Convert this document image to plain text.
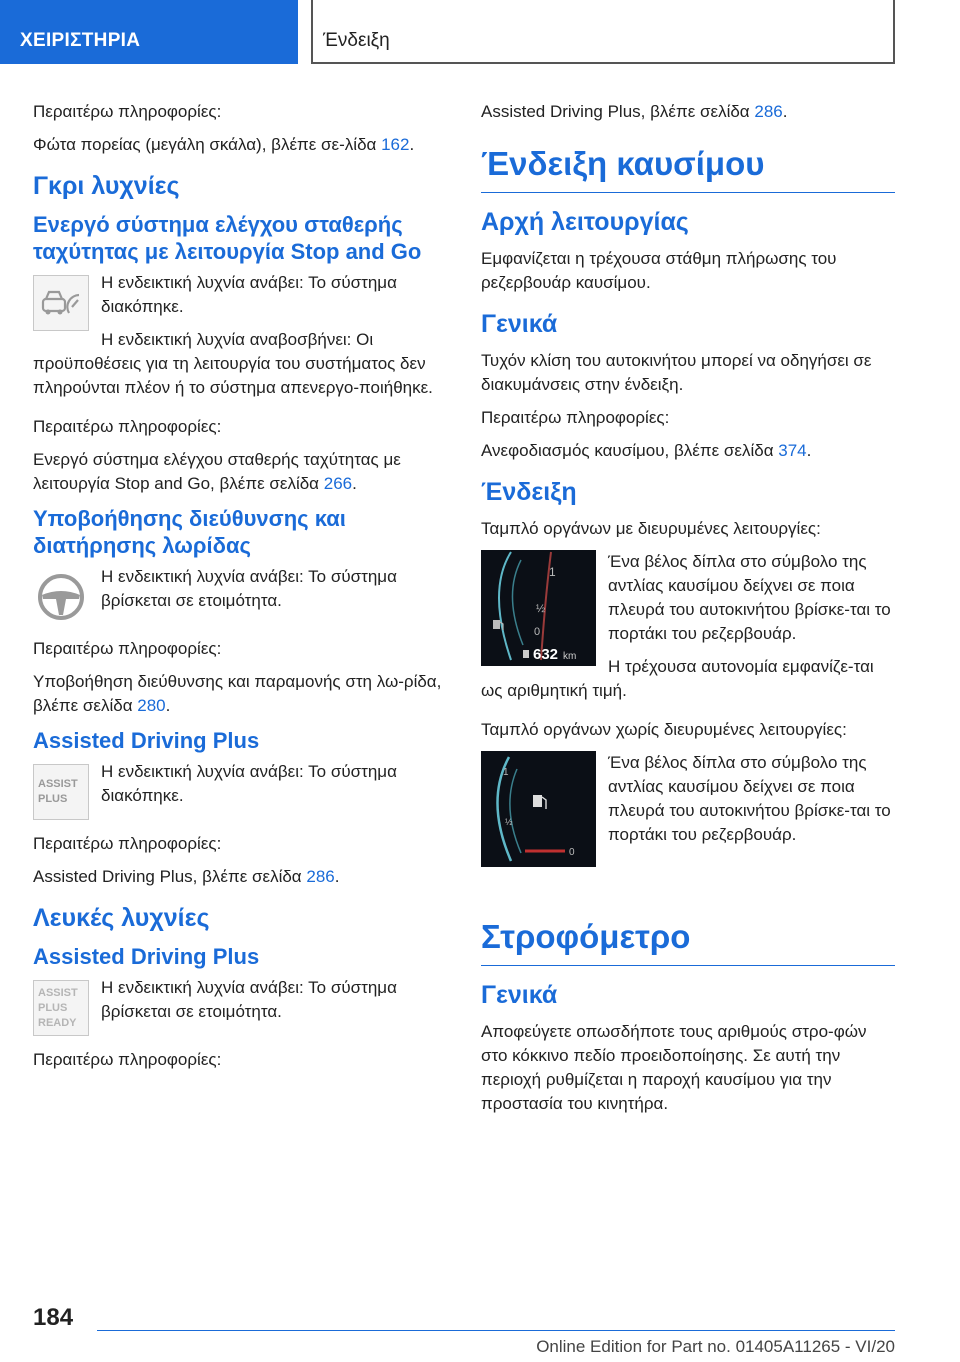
ΧΕΙΡΙΣΤΗΡΙΑ	Ένδειξη

Περαιτέρω πληροφορίες:

Φώτα πορείας (μεγάλη σκάλα), βλέπε σε-λίδα 162.

Γκρι λυχνίες
Ενεργό σύστημα ελέγχου σταθερής ταχύτητας με λειτουργία Stop and Go

Η ενδεικτική λυχνία ανάβει: Το σύστημα διακόπηκε.

Η ενδεικτική λυχνία αναβοσβήνει: Οι προϋποθέσεις για τη λειτουργία του συστήματος δεν πληρούνται πλέον ή το σύστημα απενεργο-ποιήθηκε.

Περαιτέρω πληροφορίες:

Ενεργό σύστημα ελέγχου σταθερής ταχύτητας με λειτουργία Stop and Go, βλέπε σελίδα 266.

Υποβοήθησης διεύθυνσης και διατήρησης λωρίδας

Η ενδεικτική λυχνία ανάβει: Το σύστημα βρίσκεται σε ετοιμότητα.

Περαιτέρω πληροφορίες:

Υποβοήθηση διεύθυνσης και παραμονής στη λω-ρίδα, βλέπε σελίδα 280.

Assisted Driving Plus
ASSIST
PLUS

Η ενδεικτική λυχνία ανάβει: Το σύστημα διακόπηκε.

Περαιτέρω πληροφορίες:

Assisted Driving Plus, βλέπε σελίδα 286.

Λευκές λυχνίες
Assisted Driving Plus
ASSIST
PLUS
READY

Η ενδεικτική λυχνία ανάβει: Το σύστημα βρίσκεται σε ετοιμότητα.

Περαιτέρω πληροφορίες:

Assisted Driving Plus, βλέπε σελίδα 286.

Ένδειξη καυσίμου
Αρχή λειτουργίας

Εμφανίζεται η τρέχουσα στάθμη πλήρωσης του ρεζερβουάρ καυσίμου.

Γενικά

Τυχόν κλίση του αυτοκινήτου μπορεί να οδηγήσει σε διακυμάνσεις στην ένδειξη.

Περαιτέρω πληροφορίες:

Ανεφοδιασμός καυσίμου, βλέπε σελίδα 374.

Ένδειξη

Ταμπλό οργάνων με διευρυμένες λειτουργίες:

1
½
0
632 km

Ένα βέλος δίπλα στο σύμβολο της αντλίας καυσίμου δείχνει σε ποια πλευρά του αυτοκινήτου βρίσκε-ται το πορτάκι του ρεζερβουάρ.

Η τρέχουσα αυτονομία εμφανίζε-ται ως αριθμητική τιμή.

Ταμπλό οργάνων χωρίς διευρυμένες λειτουργίες:

1
½
0

Ένα βέλος δίπλα στο σύμβολο της αντλίας καυσίμου δείχνει σε ποια πλευρά του αυτοκινήτου βρίσκε-ται το πορτάκι του ρεζερβουάρ.

Στροφόμετρο
Γενικά

Αποφεύγετε οπωσδήποτε τους αριθμούς στρο-φών στο κόκκινο πεδίο προειδοποίησης. Σε αυτή την περιοχή ρυθμίζεται η παροχή καυσίμου για την προστασία του κινητήρα.

184
Online Edition for Part no. 01405A11265 - VI/20
